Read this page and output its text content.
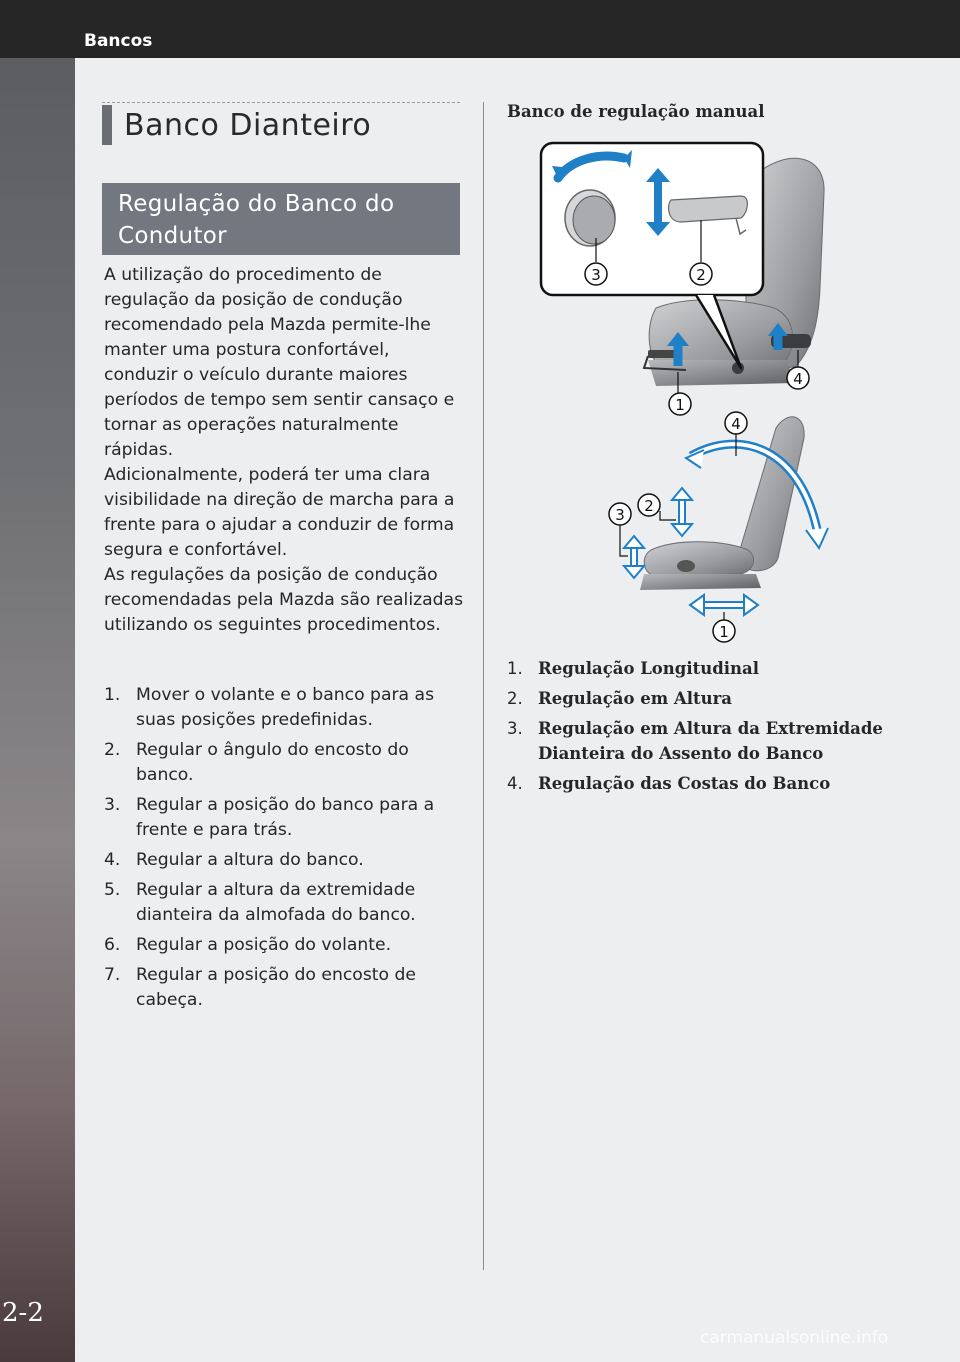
Bancos
2-2
Banco Dianteiro
Regulação do Banco do Condutor

A utilização do procedimento de regulação da posição de condução recomendado pela Mazda permite-lhe manter uma postura confortável, conduzir o veículo durante maiores períodos de tempo sem sentir cansaço e tornar as operações naturalmente rápidas.

Adicionalmente, poderá ter uma clara visibilidade na direção de marcha para a frente para o ajudar a conduzir de forma segura e confortável.

As regulações da posição de condução recomendadas pela Mazda são realizadas utilizando os seguintes procedimentos.

1. Mover o volante e o banco para as suas posições predefinidas.
2. Regular o ângulo do encosto do banco.
3. Regular a posição do banco para a frente e para trás.
4. Regular a altura do banco.
5. Regular a altura da extremidade dianteira da almofada do banco.
6. Regular a posição do volante.
7. Regular a posição do encosto de cabeça.
Banco de regulação manual
3	2
1
4
4
2
3
1
1. Regulação Longitudinal
2. Regulação em Altura
3. Regulação em Altura da Extremidade Dianteira do Assento do Banco
4. Regulação das Costas do Banco
carmanualsonline.info
